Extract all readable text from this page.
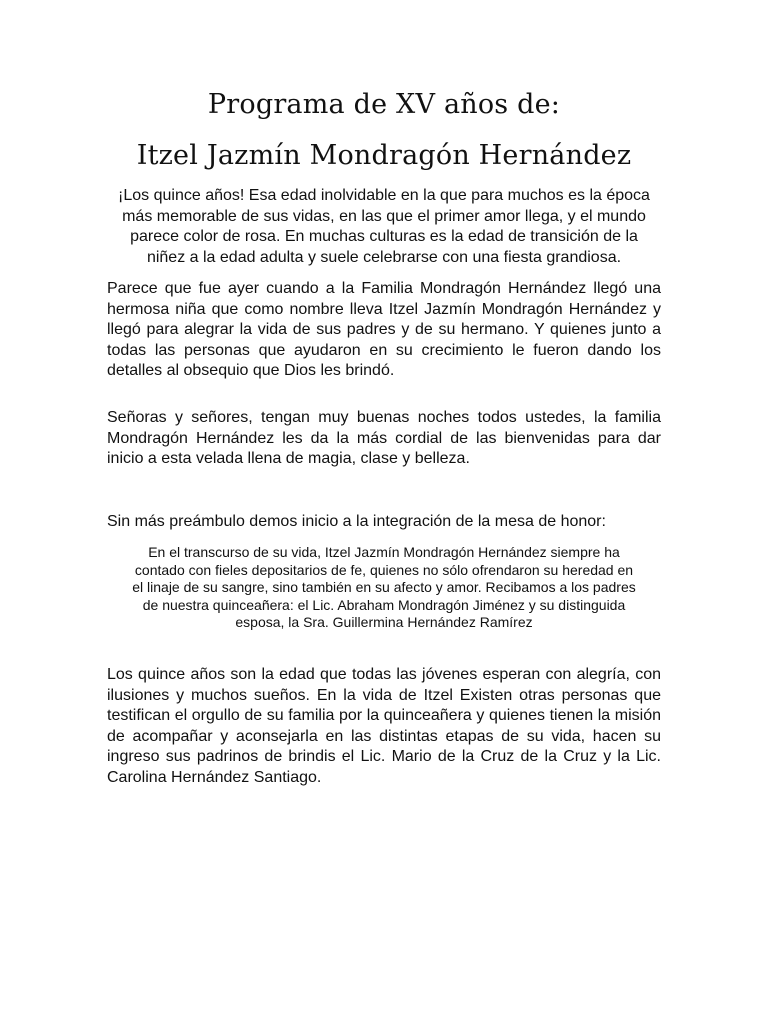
Programa de XV años de:
Itzel Jazmín Mondragón Hernández

¡Los quince años! Esa edad inolvidable en la que para muchos es la época más memorable de sus vidas, en las que el primer amor llega, y el mundo parece color de rosa. En muchas culturas es la edad de transición de la niñez a la edad adulta y suele celebrarse con una fiesta grandiosa.

Parece que fue ayer cuando a la Familia Mondragón Hernández llegó una hermosa niña que como nombre lleva Itzel Jazmín Mondragón Hernández y llegó para alegrar la vida de sus padres y de su hermano. Y quienes junto a todas las personas que ayudaron en su crecimiento le fueron dando los detalles al obsequio que Dios les brindó.

Señoras y señores, tengan muy buenas noches todos ustedes, la familia Mondragón Hernández les da la más cordial de las bienvenidas para dar inicio a esta velada llena de magia, clase y belleza.

Sin más preámbulo demos inicio a la integración de la mesa de honor:

En el transcurso de su vida, Itzel Jazmín Mondragón Hernández siempre ha contado con fieles depositarios de fe, quienes no sólo ofrendaron su heredad en el linaje de su sangre, sino también en su afecto y amor. Recibamos a los padres de nuestra quinceañera: el Lic. Abraham Mondragón Jiménez y su distinguida esposa, la Sra. Guillermina Hernández Ramírez

Los quince años son la edad que todas las jóvenes esperan con alegría, con ilusiones y muchos sueños. En la vida de Itzel Existen otras personas que testifican el orgullo de su familia por la quinceañera y quienes tienen la misión de acompañar y aconsejarla en las distintas etapas de su vida, hacen su ingreso sus padrinos de brindis el Lic. Mario de la Cruz de la Cruz y la Lic. Carolina Hernández Santiago.
